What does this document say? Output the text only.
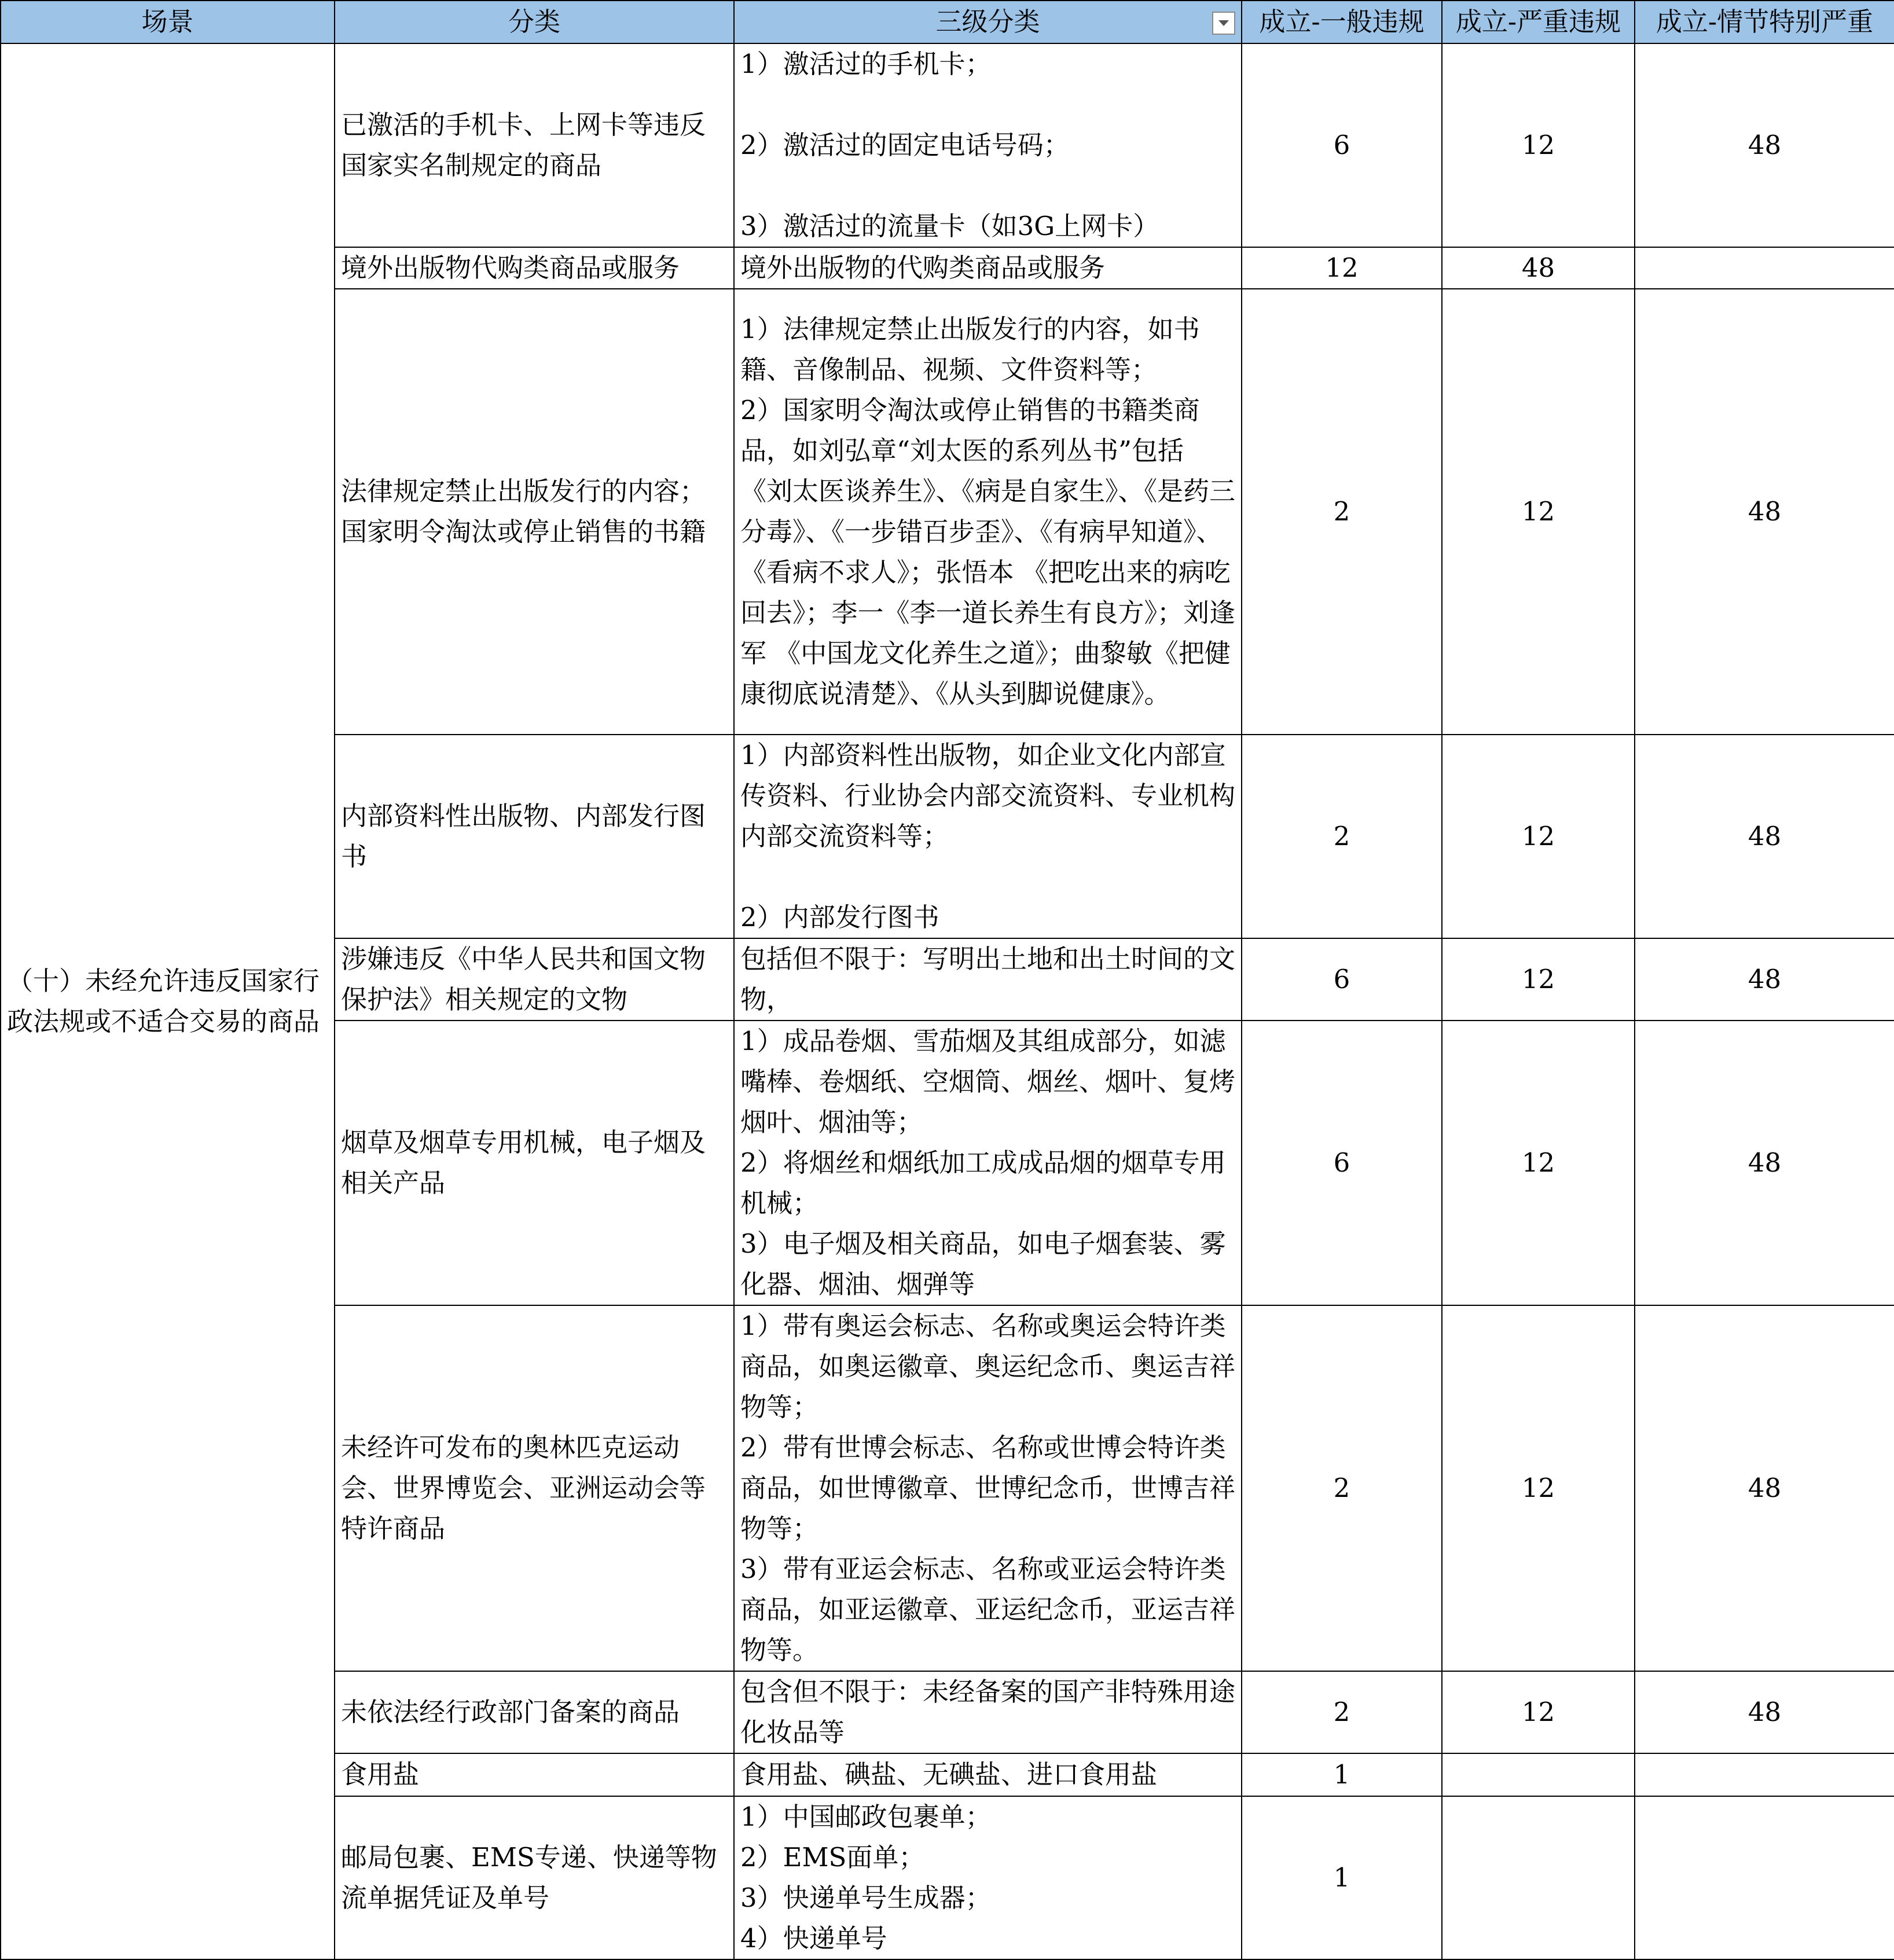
场景	分类	三级分类	成立-一般违规	成立-严重违规	成立-情节特别严重
（十）未经允许违反国家行政法规或不适合交易的商品	已激活的手机卡、上网卡等违反国家实名制规定的商品	1）激活过的手机卡；

2）激活过的固定电话号码；

3）激活过的流量卡（如3G上网卡）	6	12	48
	境外出版物代购类商品或服务	境外出版物的代购类商品或服务	12	48	
	法律规定禁止出版发行的内容；国家明令淘汰或停止销售的书籍	1）法律规定禁止出版发行的内容，如书籍、音像制品、视频、文件资料等；
2）国家明令淘汰或停止销售的书籍类商品，如刘弘章“刘太医的系列丛书”包括《刘太医谈养生》、《病是自家生》、《是药三分毒》、《一步错百步歪》、《有病早知道》、《看病不求人》；张悟本 《把吃出来的病吃回去》；李一《李一道长养生有良方》；刘逢军 《中国龙文化养生之道》；曲黎敏《把健康彻底说清楚》、《从头到脚说健康》。	2	12	48
	内部资料性出版物、内部发行图书	1）内部资料性出版物，如企业文化内部宣传资料、行业协会内部交流资料、专业机构内部交流资料等；

2）内部发行图书	2	12	48
	涉嫌违反《中华人民共和国文物保护法》相关规定的文物	包括但不限于：写明出土地和出土时间的文物，	6	12	48
	烟草及烟草专用机械，电子烟及相关产品	1）成品卷烟、雪茄烟及其组成部分，如滤嘴棒、卷烟纸、空烟筒、烟丝、烟叶、复烤烟叶、烟油等；
2）将烟丝和烟纸加工成成品烟的烟草专用机械；
3）电子烟及相关商品，如电子烟套装、雾化器、烟油、烟弹等	6	12	48
	未经许可发布的奥林匹克运动会、世界博览会、亚洲运动会等特许商品	1）带有奥运会标志、名称或奥运会特许类商品，如奥运徽章、奥运纪念币、奥运吉祥物等；
2）带有世博会标志、名称或世博会特许类商品，如世博徽章、世博纪念币，世博吉祥物等；
3）带有亚运会标志、名称或亚运会特许类商品，如亚运徽章、亚运纪念币，亚运吉祥物等。	2	12	48
	未依法经行政部门备案的商品	包含但不限于：未经备案的国产非特殊用途化妆品等	2	12	48
	食用盐	食用盐、碘盐、无碘盐、进口食用盐	1		
	邮局包裹、EMS专递、快递等物流单据凭证及单号	1）中国邮政包裹单；
2）EMS面单；
3）快递单号生成器；
4）快递单号	1		
